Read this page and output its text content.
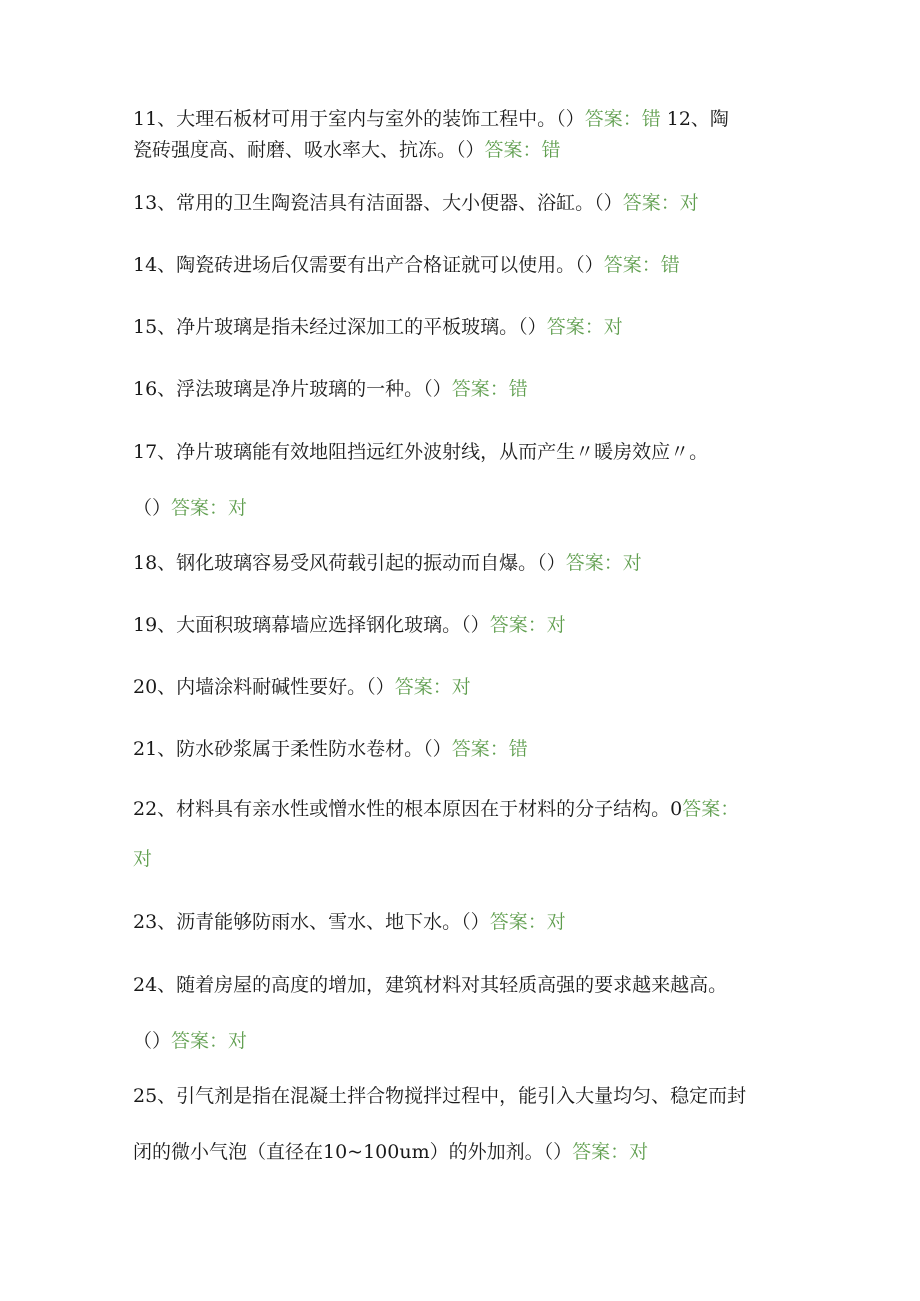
11、大理石板材可用于室内与室外的装饰工程中。（）答案：错 12、陶
瓷砖强度高、耐磨、吸水率大、抗冻。（）答案：错

13、常用的卫生陶瓷洁具有洁面器、大小便器、浴缸。（）答案：对

14、陶瓷砖进场后仅需要有出产合格证就可以使用。（）答案：错

15、净片玻璃是指未经过深加工的平板玻璃。（）答案：对

16、浮法玻璃是净片玻璃的一种。（）答案：错

17、净片玻璃能有效地阻挡远红外波射线，从而产生〃暖房效应〃。
（）答案：对

18、钢化玻璃容易受风荷载引起的振动而自爆。（）答案：对

19、大面积玻璃幕墙应选择钢化玻璃。（）答案：对

20、内墙涂料耐碱性要好。（）答案：对

21、防水砂浆属于柔性防水卷材。（）答案：错

22、材料具有亲水性或憎水性的根本原因在于材料的分子结构。0答案：
对

23、沥青能够防雨水、雪水、地下水。（）答案：对

24、随着房屋的高度的增加，建筑材料对其轻质高强的要求越来越高。
（）答案：对

25、引气剂是指在混凝土拌合物搅拌过程中，能引入大量均匀、稳定而封
闭的微小气泡（直径在10~100um）的外加剂。（）答案：对
